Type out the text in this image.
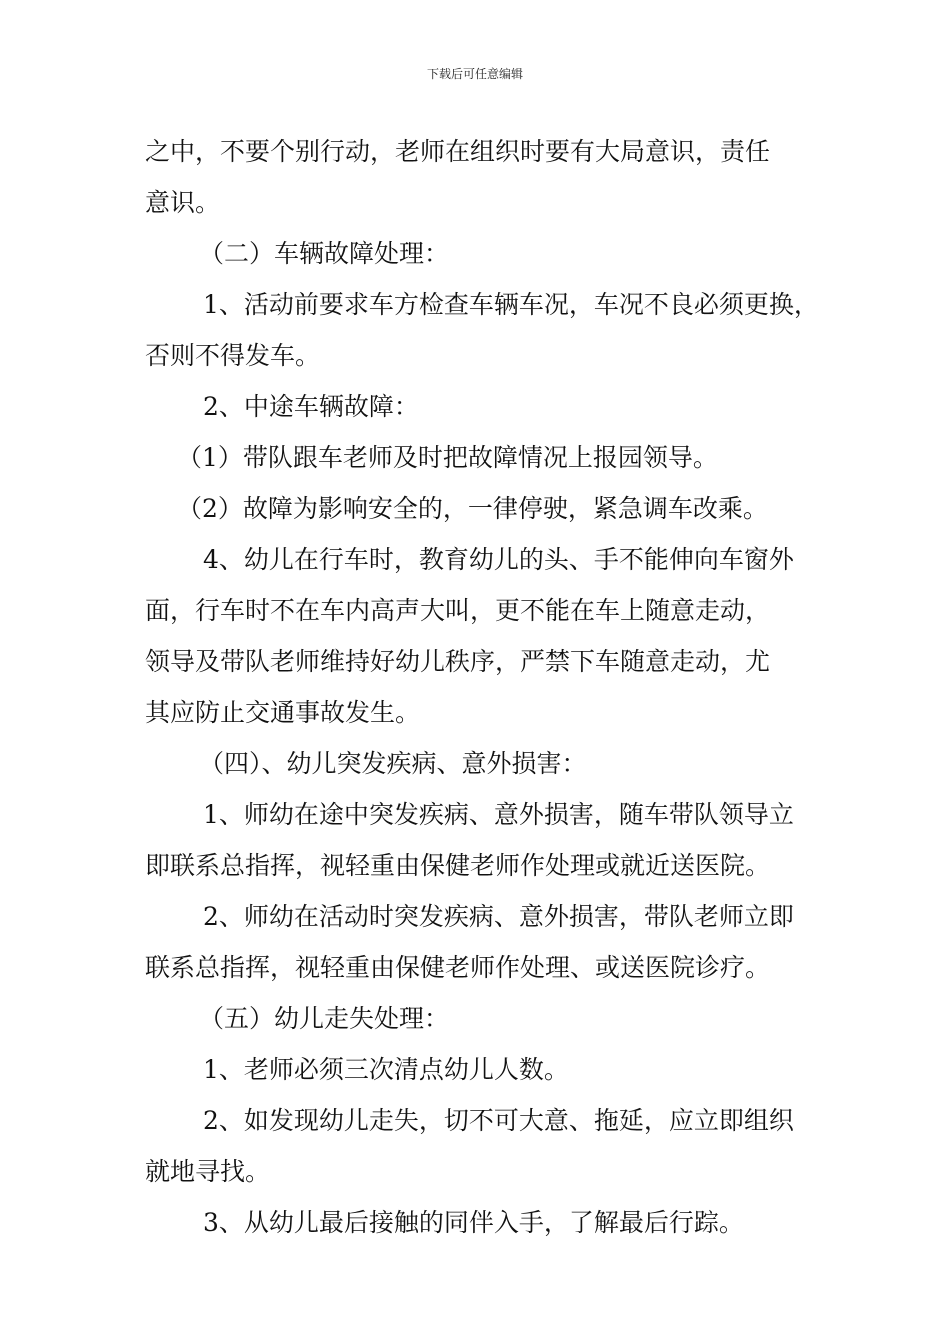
下载后可任意编辑
之中，不要个别行动，老师在组织时要有大局意识，责任
意识。
（二）车辆故障处理：
1、活动前要求车方检查车辆车况，车况不良必须更换，
否则不得发车。
2、中途车辆故障：
（1）带队跟车老师及时把故障情况上报园领导。
（2）故障为影响安全的，一律停驶，紧急调车改乘。
4、幼儿在行车时，教育幼儿的头、手不能伸向车窗外
面，行车时不在车内高声大叫，更不能在车上随意走动，
领导及带队老师维持好幼儿秩序，严禁下车随意走动，尤
其应防止交通事故发生。
（四）、幼儿突发疾病、意外损害：
1、师幼在途中突发疾病、意外损害，随车带队领导立
即联系总指挥，视轻重由保健老师作处理或就近送医院。
2、师幼在活动时突发疾病、意外损害，带队老师立即
联系总指挥，视轻重由保健老师作处理、或送医院诊疗。
（五）幼儿走失处理：
1、老师必须三次清点幼儿人数。
2、如发现幼儿走失，切不可大意、拖延，应立即组织
就地寻找。
3、从幼儿最后接触的同伴入手，了解最后行踪。
